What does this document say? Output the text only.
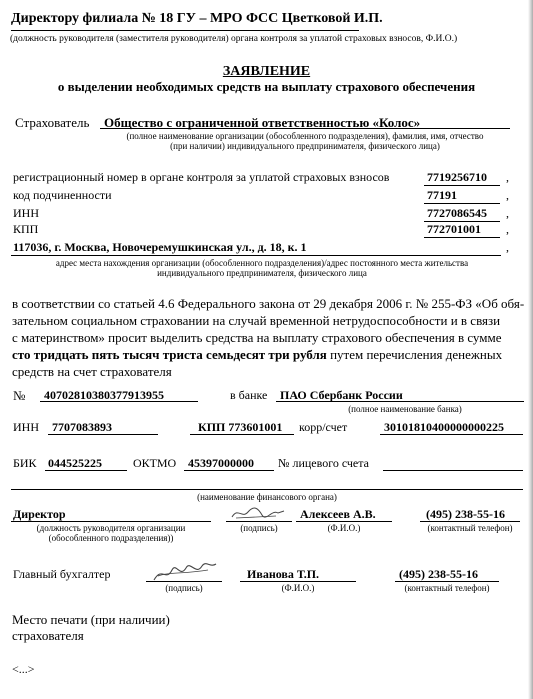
Директору филиала № 18 ГУ – МРО ФСС Цветковой И.П.
(должность руководителя (заместителя руководителя) органа контроля за уплатой страховых взносов, Ф.И.О.)
ЗАЯВЛЕНИЕ
о выделении необходимых средств на выплату страхового обеспечения
Страхователь Общество с ограниченной ответственностью «Колос»
(полное наименование организации (обособленного подразделения), фамилия, имя, отчество
(при наличии) индивидуального предпринимателя, физического лица)
регистрационный номер в органе контроля за уплатой страховых взносов	7719256710 ,
код подчиненности	77191	,
ИНН	7727086545 ,
КПП	772701001 ,
117036, г. Москва, Новочеремушкинская ул., д. 18, к. 1	,
адрес места нахождения организации (обособленного подразделения)/адрес постоянного места жительства
индивидуального предпринимателя, физического лица
в соответствии со статьей 4.6 Федерального закона от 29 декабря 2006 г. № 255-ФЗ «Об обя-
зательном социальном страховании на случай временной нетрудоспособности и в связи
с материнством» просит выделить средства на выплату страхового обеспечения в сумме
сто тридцать пять тысяч триста семьдесят три рубля путем перечисления денежных
средств на счет страхователя
№ 40702810380377913955	в банке ПАО Сбербанк России
(полное наименование банка)
ИНН 7707083893	КПП 773601001 корр/счет	30101810400000000225
БИК 044525225	ОКТМО 45397000000 № лицевого счета
(наименование финансового органа)
Директор
(должность руководителя организации
(обособленного подразделения))
(подпись)
Алексеев А.В.
(Ф.И.О.)
(495) 238-55-16
(контактный телефон)
Главный бухгалтер
(подпись)
Иванова Т.П.
(Ф.И.О.)
(495) 238-55-16
(контактный телефон)
Место печати (при наличии)
страхователя
<...>
